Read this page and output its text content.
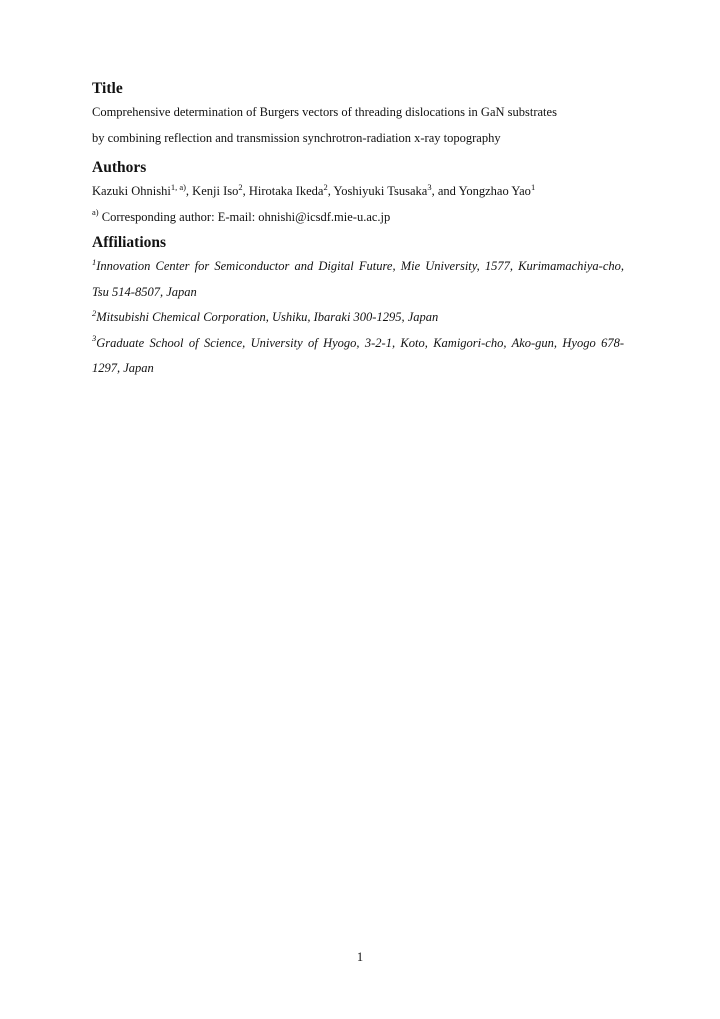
Title

Comprehensive determination of Burgers vectors of threading dislocations in GaN substrates by combining reflection and transmission synchrotron-radiation x-ray topography

Authors

Kazuki Ohnishi$^{1, a)}$, Kenji Iso$^2$, Hirotaka Ikeda$^2$, Yoshiyuki Tsusaka$^3$, and Yongzhao Yao$^1$

$^{a)}$ Corresponding author: E-mail: ohnishi@icsdf.mie-u.ac.jp

Affiliations

$^1$Innovation Center for Semiconductor and Digital Future, Mie University, 1577, Kurimamachiya-cho, Tsu 514-8507, Japan

$^2$Mitsubishi Chemical Corporation, Ushiku, Ibaraki 300-1295, Japan

$^3$Graduate School of Science, University of Hyogo, 3-2-1, Koto, Kamigori-cho, Ako-gun, Hyogo 678-1297, Japan

1
